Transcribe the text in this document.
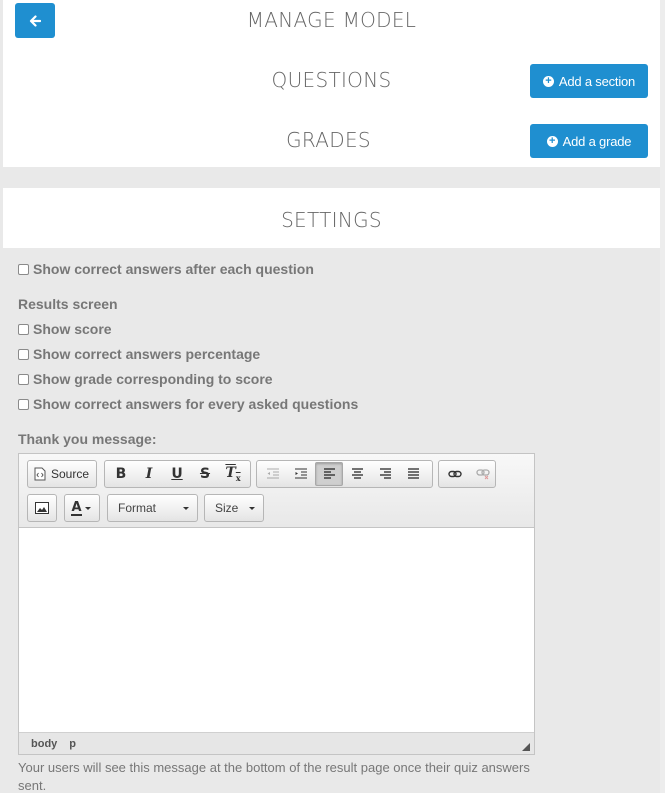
MANAGE MODEL
QUESTIONS	+ Add a section
GRADES	+ Add a grade
SETTINGS
Show correct answers after each question
Results screen
Show score
Show correct answers percentage
Show grade corresponding to score
Show correct answers for every asked questions
Thank you message:
Source B I U S $T_x$
A	Format	Size
body p
Your users will see this message at the bottom of the result page once their quiz answers sent.
